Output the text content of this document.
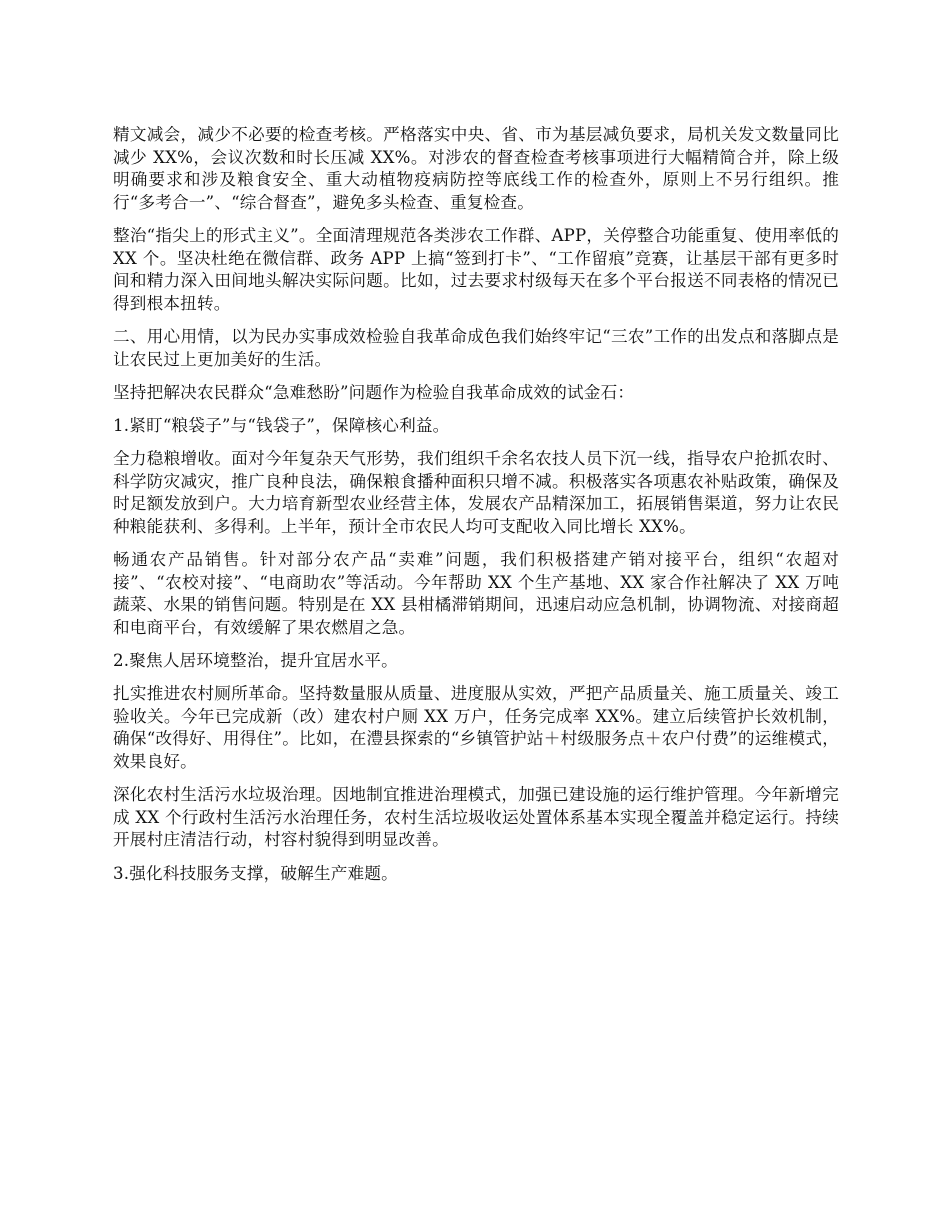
精文减会，减少不必要的检查考核。严格落实中央、省、市为基层减负要求，局机关发文数量同比减少 XX%，会议次数和时长压减 XX%。对涉农的督查检查考核事项进行大幅精简合并，除上级明确要求和涉及粮食安全、重大动植物疫病防控等底线工作的检查外，原则上不另行组织。推行“多考合一”、“综合督查”，避免多头检查、重复检查。

整治“指尖上的形式主义”。全面清理规范各类涉农工作群、APP，关停整合功能重复、使用率低的 XX 个。坚决杜绝在微信群、政务 APP 上搞“签到打卡”、“工作留痕”竞赛，让基层干部有更多时间和精力深入田间地头解决实际问题。比如，过去要求村级每天在多个平台报送不同表格的情况已得到根本扭转。

二、用心用情，以为民办实事成效检验自我革命成色我们始终牢记“三农”工作的出发点和落脚点是让农民过上更加美好的生活。

坚持把解决农民群众“急难愁盼”问题作为检验自我革命成效的试金石：

1.紧盯“粮袋子”与“钱袋子”，保障核心利益。

全力稳粮增收。面对今年复杂天气形势，我们组织千余名农技人员下沉一线，指导农户抢抓农时、科学防灾减灾，推广良种良法，确保粮食播种面积只增不减。积极落实各项惠农补贴政策，确保及时足额发放到户。大力培育新型农业经营主体，发展农产品精深加工，拓展销售渠道，努力让农民种粮能获利、多得利。上半年，预计全市农民人均可支配收入同比增长 XX%。

畅通农产品销售。针对部分农产品“卖难”问题，我们积极搭建产销对接平台，组织“农超对接”、“农校对接”、“电商助农”等活动。今年帮助 XX 个生产基地、XX 家合作社解决了 XX 万吨蔬菜、水果的销售问题。特别是在 XX 县柑橘滞销期间，迅速启动应急机制，协调物流、对接商超和电商平台，有效缓解了果农燃眉之急。

2.聚焦人居环境整治，提升宜居水平。

扎实推进农村厕所革命。坚持数量服从质量、进度服从实效，严把产品质量关、施工质量关、竣工验收关。今年已完成新（改）建农村户厕 XX 万户，任务完成率 XX%。建立后续管护长效机制，确保“改得好、用得住”。比如，在澧县探索的“乡镇管护站＋村级服务点＋农户付费”的运维模式，效果良好。

深化农村生活污水垃圾治理。因地制宜推进治理模式，加强已建设施的运行维护管理。今年新增完成 XX 个行政村生活污水治理任务，农村生活垃圾收运处置体系基本实现全覆盖并稳定运行。持续开展村庄清洁行动，村容村貌得到明显改善。

3.强化科技服务支撑，破解生产难题。
